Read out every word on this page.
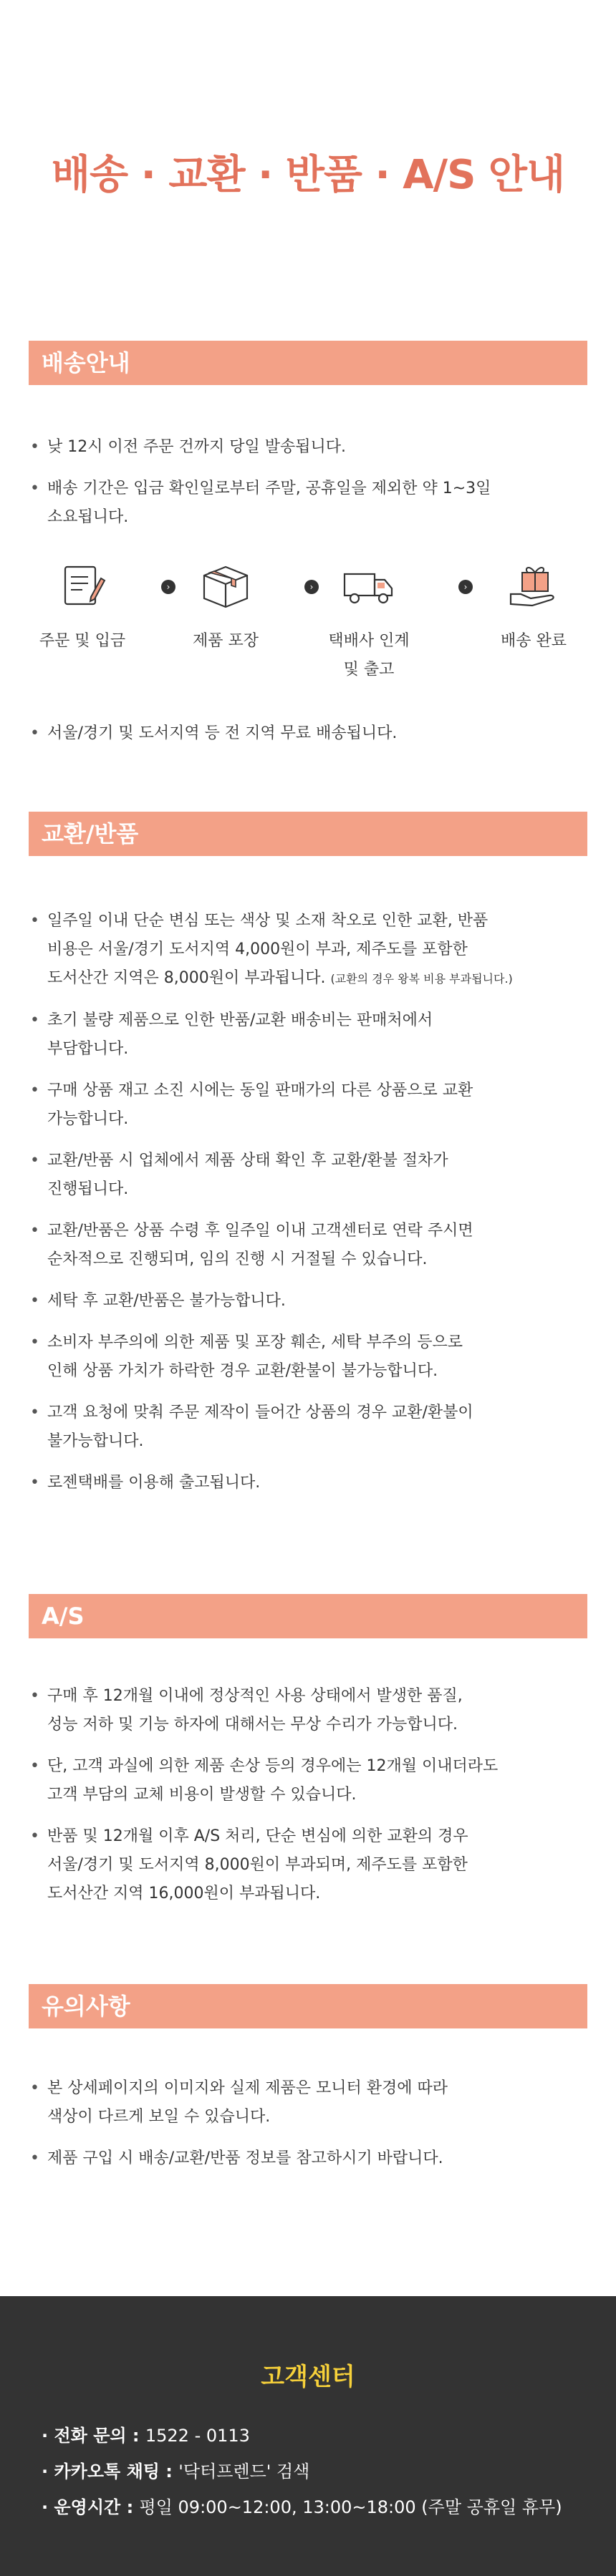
배송 · 교환 · 반품 · A/S 안내
배송안내
• 낮 12시 이전 주문 건까지 당일 발송됩니다.
• 배송 기간은 입금 확인일로부터 주말, 공휴일을 제외한 약 1~3일
소요됩니다.
주문 및 입금
›
제품 포장
›
택배사 인계
및 출고
›
배송 완료
• 서울/경기 및 도서지역 등 전 지역 무료 배송됩니다.
교환/반품
• 일주일 이내 단순 변심 또는 색상 및 소재 착오로 인한 교환, 반품
비용은 서울/경기 도서지역 4,000원이 부과, 제주도를 포함한
도서산간 지역은 8,000원이 부과됩니다. (교환의 경우 왕복 비용 부과됩니다.)
• 초기 불량 제품으로 인한 반품/교환 배송비는 판매처에서
부담합니다.
• 구매 상품 재고 소진 시에는 동일 판매가의 다른 상품으로 교환
가능합니다.
• 교환/반품 시 업체에서 제품 상태 확인 후 교환/환불 절차가
진행됩니다.
• 교환/반품은 상품 수령 후 일주일 이내 고객센터로 연락 주시면
순차적으로 진행되며, 임의 진행 시 거절될 수 있습니다.
• 세탁 후 교환/반품은 불가능합니다.
• 소비자 부주의에 의한 제품 및 포장 훼손, 세탁 부주의 등으로
인해 상품 가치가 하락한 경우 교환/환불이 불가능합니다.
• 고객 요청에 맞춰 주문 제작이 들어간 상품의 경우 교환/환불이
불가능합니다.
• 로젠택배를 이용해 출고됩니다.
A/S
• 구매 후 12개월 이내에 정상적인 사용 상태에서 발생한 품질,
성능 저하 및 기능 하자에 대해서는 무상 수리가 가능합니다.
• 단, 고객 과실에 의한 제품 손상 등의 경우에는 12개월 이내더라도
고객 부담의 교체 비용이 발생할 수 있습니다.
• 반품 및 12개월 이후 A/S 처리, 단순 변심에 의한 교환의 경우
서울/경기 및 도서지역 8,000원이 부과되며, 제주도를 포함한
도서산간 지역 16,000원이 부과됩니다.
유의사항
• 본 상세페이지의 이미지와 실제 제품은 모니터 환경에 따라
색상이 다르게 보일 수 있습니다.
• 제품 구입 시 배송/교환/반품 정보를 참고하시기 바랍니다.
고객센터
· 전화 문의 : 1522 - 0113
· 카카오톡 채팅 : '닥터프렌드' 검색
· 운영시간 : 평일 09:00~12:00, 13:00~18:00 (주말 공휴일 휴무)
